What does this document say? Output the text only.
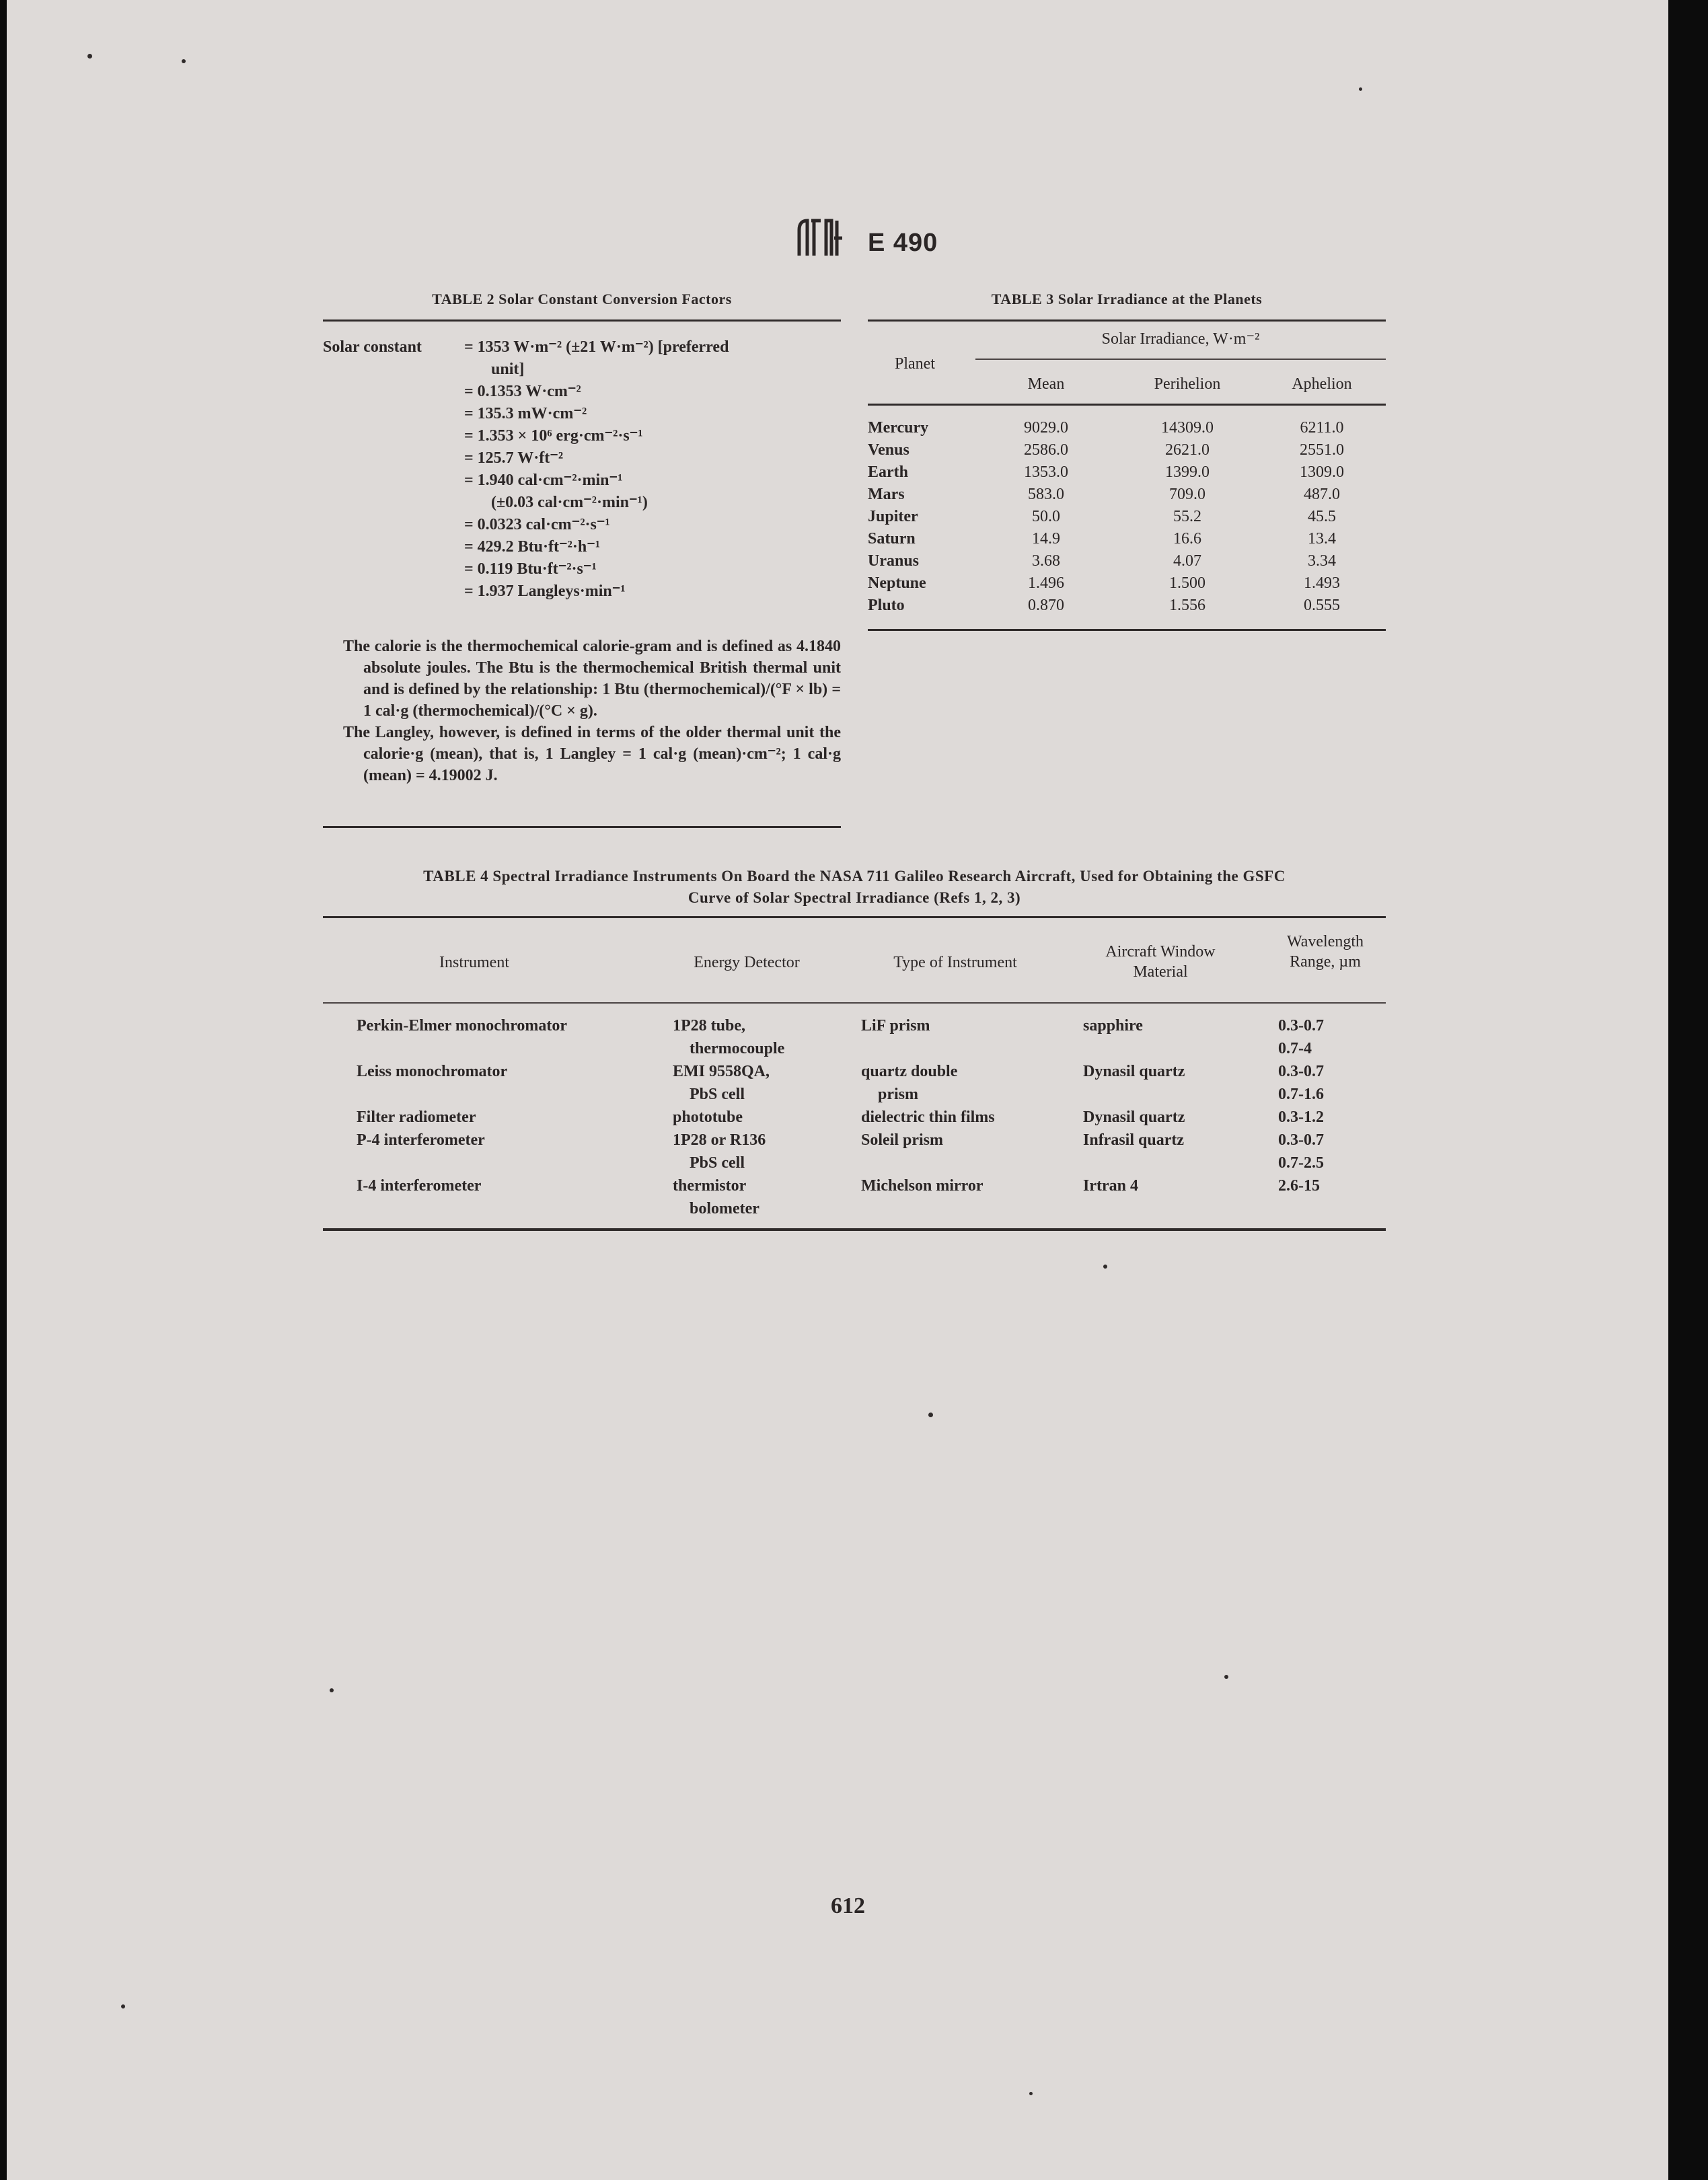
E 490
TABLE 2 Solar Constant Conversion Factors
Solar constant	= 1353 W·m⁻² (±21 W·m⁻²) [preferred
unit]
= 0.1353 W·cm⁻²
= 135.3 mW·cm⁻²
= 1.353 × 10⁶ erg·cm⁻²·s⁻¹
= 125.7 W·ft⁻²
= 1.940 cal·cm⁻²·min⁻¹
(±0.03 cal·cm⁻²·min⁻¹)
= 0.0323 cal·cm⁻²·s⁻¹
= 429.2 Btu·ft⁻²·h⁻¹
= 0.119 Btu·ft⁻²·s⁻¹
= 1.937 Langleys·min⁻¹

The calorie is the thermochemical calorie-gram and is defined as 4.1840 absolute joules. The Btu is the thermochemical British thermal unit and is defined by the relationship: 1 Btu (thermochemical)/(°F × lb) = 1 cal·g (thermochemical)/(°C × g).

The Langley, however, is defined in terms of the older thermal unit the calorie·g (mean), that is, 1 Langley = 1 cal·g (mean)·cm⁻²; 1 cal·g (mean) = 4.19002 J.

TABLE 3 Solar Irradiance at the Planets
Planet
Solar Irradiance, W·m⁻²
Mean	Perihelion	Aphelion
Mercury	9029.0	14309.0	6211.0
Venus	2586.0	2621.0	2551.0
Earth	1353.0	1399.0	1309.0
Mars	583.0	709.0	487.0
Jupiter	50.0	55.2	45.5
Saturn	14.9	16.6	13.4
Uranus	3.68	4.07	3.34
Neptune	1.496	1.500	1.493
Pluto	0.870	1.556	0.555
TABLE 4 Spectral Irradiance Instruments On Board the NASA 711 Galileo Research Aircraft, Used for Obtaining the GSFC
Curve of Solar Spectral Irradiance (Refs 1, 2, 3)
Instrument	Energy Detector	Type of Instrument
Aircraft Window Material
Wavelength Range, µm
Perkin-Elmer monochromator	1P28 tube,	LiF prism	sapphire	0.3-0.7
	thermocouple			0.7-4
Leiss monochromator	EMI 9558QA,	quartz double	Dynasil quartz	0.3-0.7
	PbS cell	prism		0.7-1.6
Filter radiometer	phototube	dielectric thin films	Dynasil quartz	0.3-1.2
P-4 interferometer	1P28 or R136	Soleil prism	Infrasil quartz	0.3-0.7
	PbS cell			0.7-2.5
I-4 interferometer	thermistor	Michelson mirror	Irtran 4	2.6-15
	bolometer			
612
